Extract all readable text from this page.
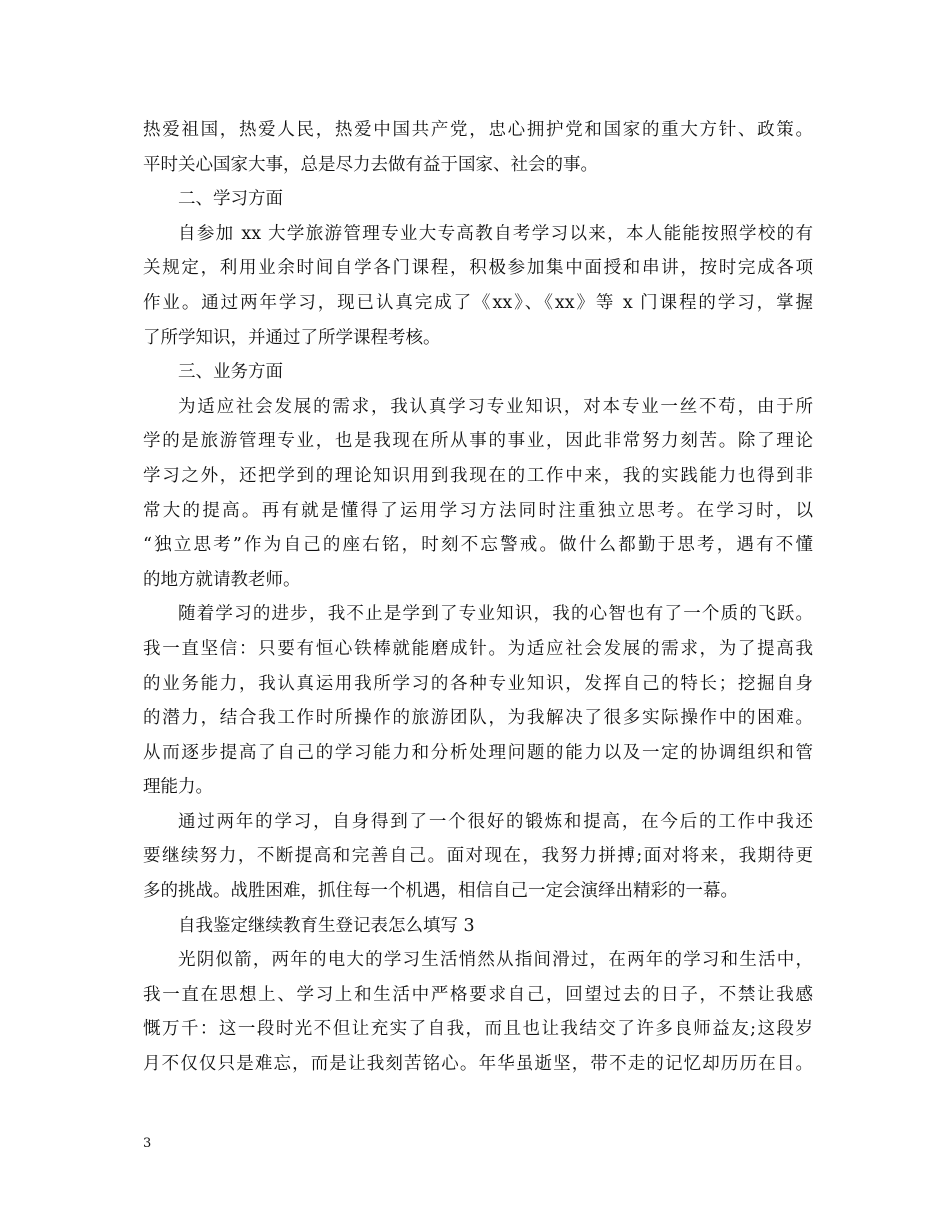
热爱祖国，热爱人民，热爱中国共产党，忠心拥护党和国家的重大方针、政策。
平时关心国家大事，总是尽力去做有益于国家、社会的事。
二、学习方面
自参加 xx 大学旅游管理专业大专高教自考学习以来，本人能能按照学校的有
关规定，利用业余时间自学各门课程，积极参加集中面授和串讲，按时完成各项
作业。通过两年学习，现已认真完成了《xx》、《xx》等 x 门课程的学习，掌握
了所学知识，并通过了所学课程考核。
三、业务方面
为适应社会发展的需求，我认真学习专业知识，对本专业一丝不苟，由于所
学的是旅游管理专业，也是我现在所从事的事业，因此非常努力刻苦。除了理论
学习之外，还把学到的理论知识用到我现在的工作中来，我的实践能力也得到非
常大的提高。再有就是懂得了运用学习方法同时注重独立思考。在学习时，以
“独立思考”作为自己的座右铭，时刻不忘警戒。做什么都勤于思考，遇有不懂
的地方就请教老师。
随着学习的进步，我不止是学到了专业知识，我的心智也有了一个质的飞跃。
我一直坚信：只要有恒心铁棒就能磨成针。为适应社会发展的需求，为了提高我
的业务能力，我认真运用我所学习的各种专业知识，发挥自己的特长；挖掘自身
的潜力，结合我工作时所操作的旅游团队，为我解决了很多实际操作中的困难。
从而逐步提高了自己的学习能力和分析处理问题的能力以及一定的协调组织和管
理能力。
通过两年的学习，自身得到了一个很好的锻炼和提高，在今后的工作中我还
要继续努力，不断提高和完善自己。面对现在，我努力拼搏;面对将来，我期待更
多的挑战。战胜困难，抓住每一个机遇，相信自己一定会演绎出精彩的一幕。
自我鉴定继续教育生登记表怎么填写 3
光阴似箭，两年的电大的学习生活悄然从指间滑过，在两年的学习和生活中，
我一直在思想上、学习上和生活中严格要求自己，回望过去的日子，不禁让我感
慨万千：这一段时光不但让充实了自我，而且也让我结交了许多良师益友;这段岁
月不仅仅只是难忘，而是让我刻苦铭心。年华虽逝坚，带不走的记忆却历历在目。
3
